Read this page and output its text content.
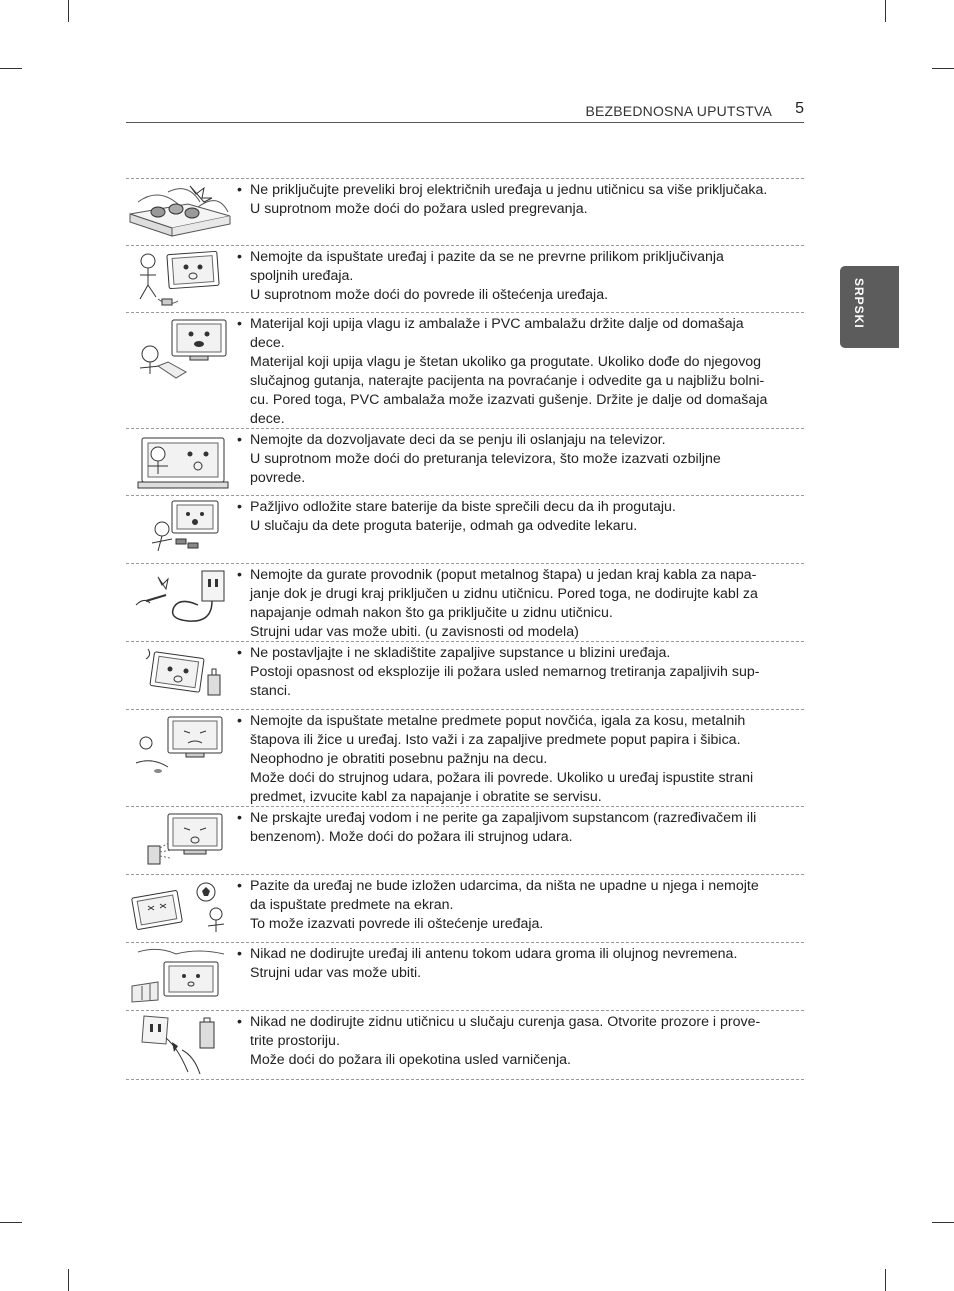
BEZBEDNOSNA UPUTSTVA 5
SRPSKI
• Ne priključujte preveliki broj električnih uređaja u jednu utičnicu sa više priključaka.
U suprotnom može doći do požara usled pregrevanja.
• Nemojte da ispuštate uređaj i pazite da se ne prevrne prilikom priključivanja
spoljnih uređaja.
U suprotnom može doći do povrede ili oštećenja uređaja.
• Materijal koji upija vlagu iz ambalaže i PVC ambalažu držite dalje od domašaja
dece.
Materijal koji upija vlagu je štetan ukoliko ga progutate. Ukoliko dođe do njegovog
slučajnog gutanja, naterajte pacijenta na povraćanje i odvedite ga u najbližu bolni-
cu. Pored toga, PVC ambalaža može izazvati gušenje. Držite je dalje od domašaja
dece.
• Nemojte da dozvoljavate deci da se penju ili oslanjaju na televizor.
U suprotnom može doći do preturanja televizora, što može izazvati ozbiljne
povrede.
• Pažljivo odložite stare baterije da biste sprečili decu da ih progutaju.
U slučaju da dete proguta baterije, odmah ga odvedite lekaru.
• Nemojte da gurate provodnik (poput metalnog štapa) u jedan kraj kabla za napa-
janje dok je drugi kraj priključen u zidnu utičnicu. Pored toga, ne dodirujte kabl za
napajanje odmah nakon što ga priključite u zidnu utičnicu.
Strujni udar vas može ubiti. (u zavisnosti od modela)
• Ne postavljajte i ne skladištite zapaljive supstance u blizini uređaja.
Postoji opasnost od eksplozije ili požara usled nemarnog tretiranja zapaljivih sup-
stanci.
• Nemojte da ispuštate metalne predmete poput novčića, igala za kosu, metalnih
štapova ili žice u uređaj. Isto važi i za zapaljive predmete poput papira i šibica.
Neophodno je obratiti posebnu pažnju na decu.
Može doći do strujnog udara, požara ili povrede. Ukoliko u uređaj ispustite strani
predmet, izvucite kabl za napajanje i obratite se servisu.
• Ne prskajte uređaj vodom i ne perite ga zapaljivom supstancom (razređivačem ili
benzenom). Može doći do požara ili strujnog udara.
• Pazite da uređaj ne bude izložen udarcima, da ništa ne upadne u njega i nemojte
da ispuštate predmete na ekran.
To može izazvati povrede ili oštećenje uređaja.
• Nikad ne dodirujte uređaj ili antenu tokom udara groma ili olujnog nevremena.
Strujni udar vas može ubiti.
• Nikad ne dodirujte zidnu utičnicu u slučaju curenja gasa. Otvorite prozore i prove-
trite prostoriju.
Može doći do požara ili opekotina usled varničenja.
